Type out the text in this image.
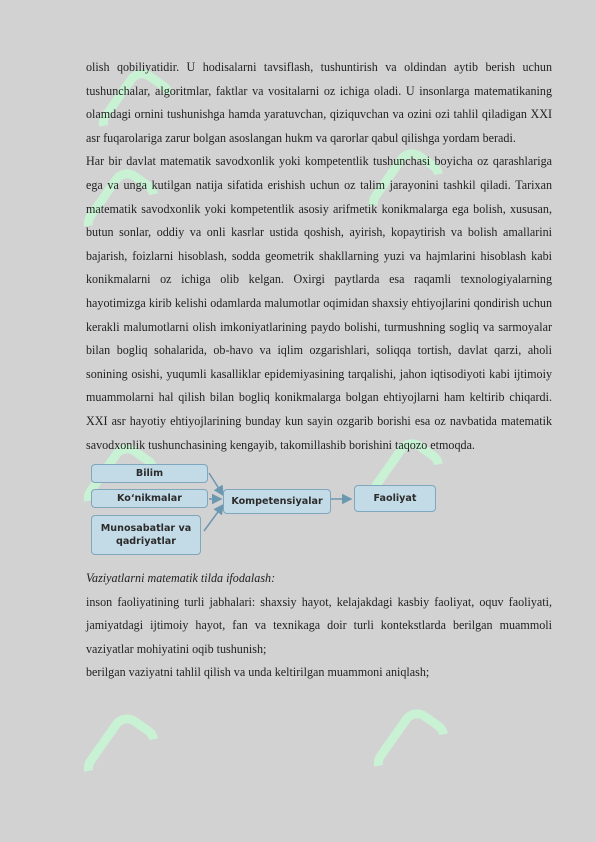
olish qobiliyatidir. U hodisalarni tavsiflash, tushuntirish va oldindan aytib berish uchun tushunchalar, algoritmlar, faktlar va vositalarni oz ichiga oladi. U insonlarga matematikaning olamdagi ornini tushunishga hamda yaratuvchan, qiziquvchan va ozini ozi tahlil qiladigan XXI asr fuqarolariga zarur bolgan asoslangan hukm va qarorlar qabul qilishga yordam beradi.

Har bir davlat matematik savodxonlik yoki kompetentlik tushunchasi boyicha oz qarashlariga ega va unga kutilgan natija sifatida erishish uchun oz talim jarayonini tashkil qiladi. Tarixan matematik savodxonlik yoki kompetentlik asosiy arifmetik konikmalarga ega bolish, xususan, butun sonlar, oddiy va onli kasrlar ustida qoshish, ayirish, kopaytirish va bolish amallarini bajarish, foizlarni hisoblash, sodda geometrik shakllarning yuzi va hajmlarini hisoblash kabi konikmalarni oz ichiga olib kelgan. Oxirgi paytlarda esa raqamli texnologiyalarning hayotimizga kirib kelishi odamlarda malumotlar oqimidan shaxsiy ehtiyojlarini qondirish uchun kerakli malumotlarni olish imkoniyatlarining paydo bolishi, turmushning sogliq va sarmoyalar bilan bogliq sohalarida, ob-havo va iqlim ozgarishlari, soliqqa tortish, davlat qarzi, aholi sonining osishi, yuqumli kasalliklar epidemiyasining tarqalishi, jahon iqtisodiyoti kabi ijtimoiy muammolarni hal qilish bilan bogliq konikmalarga bolgan ehtiyojlarni ham keltirib chiqardi. XXI asr hayotiy ehtiyojlarining bunday kun sayin ozgarib borishi esa oz navbatida matematik savodxonlik tushunchasining kengayib, takomillashib borishini taqozo etmoqda.

Bilim
Ko‘nikmalar
Munosabatlar va qadriyatlar
Kompetensiyalar	Faoliyat

Vaziyatlarni matematik tilda ifodalash:

inson faoliyatining turli jabhalari: shaxsiy hayot, kelajakdagi kasbiy faoliyat, oquv faoliyati, jamiyatdagi ijtimoiy hayot, fan va texnikaga doir turli kontekstlarda berilgan muammoli vaziyatlar mohiyatini oqib tushunish;

berilgan vaziyatni tahlil qilish va unda keltirilgan muammoni aniqlash;
